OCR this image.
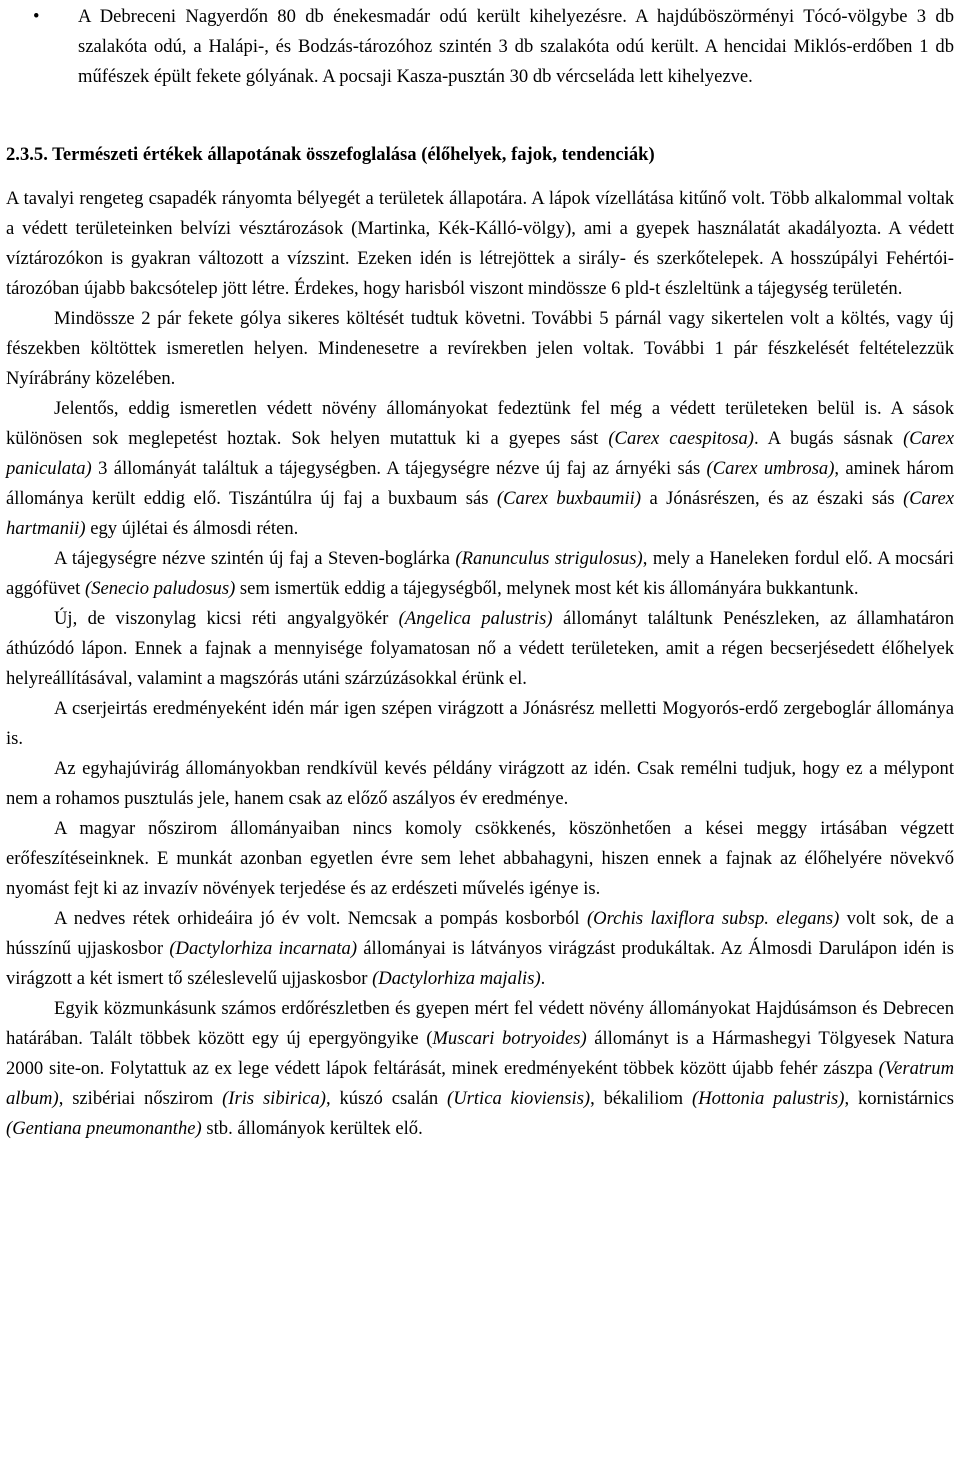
• A Debreceni Nagyerdőn 80 db énekesmadár odú került kihelyezésre. A hajdúböszörményi Tócó-völgybe 3 db szalakóta odú, a Halápi-, és Bodzás-tározóhoz szintén 3 db szalakóta odú került. A hencidai Miklós-erdőben 1 db műfészek épült fekete gólyának. A pocsaji Kasza-pusztán 30 db vércseláda lett kihelyezve.
2.3.5. Természeti értékek állapotának összefoglalása (élőhelyek, fajok, tendenciák)

A tavalyi rengeteg csapadék rányomta bélyegét a területek állapotára. A lápok vízellátása kitűnő volt. Több alkalommal voltak a védett területeinken belvízi vésztározások (Martinka, Kék-Kálló-völgy), ami a gyepek használatát akadályozta. A védett víztározókon is gyakran változott a vízszint. Ezeken idén is létrejöttek a sirály- és szerkőtelepek. A hosszúpályi Fehértói-tározóban újabb bakcsótelep jött létre. Érdekes, hogy harisból viszont mindössze 6 pld-t észleltünk a tájegység területén.

Mindössze 2 pár fekete gólya sikeres költését tudtuk követni. További 5 párnál vagy sikertelen volt a költés, vagy új fészekben költöttek ismeretlen helyen. Mindenesetre a revírekben jelen voltak. További 1 pár fészkelését feltételezzük Nyírábrány közelében.

Jelentős, eddig ismeretlen védett növény állományokat fedeztünk fel még a védett területeken belül is. A sások különösen sok meglepetést hoztak. Sok helyen mutattuk ki a gyepes sást (Carex caespitosa). A bugás sásnak (Carex paniculata) 3 állományát találtuk a tájegységben. A tájegységre nézve új faj az árnyéki sás (Carex umbrosa), aminek három állománya került eddig elő. Tiszántúlra új faj a buxbaum sás (Carex buxbaumii) a Jónásrészen, és az északi sás (Carex hartmanii) egy újlétai és álmosdi réten.

A tájegységre nézve szintén új faj a Steven-boglárka (Ranunculus strigulosus), mely a Haneleken fordul elő. A mocsári aggófüvet (Senecio paludosus) sem ismertük eddig a tájegységből, melynek most két kis állományára bukkantunk.

Új, de viszonylag kicsi réti angyalgyökér (Angelica palustris) állományt találtunk Penészleken, az államhatáron áthúzódó lápon. Ennek a fajnak a mennyisége folyamatosan nő a védett területeken, amit a régen becserjésedett élőhelyek helyreállításával, valamint a magszórás utáni szárzúzásokkal érünk el.

A cserjeirtás eredményeként idén már igen szépen virágzott a Jónásrész melletti Mogyorós-erdő zergeboglár állománya is.

Az egyhajúvirág állományokban rendkívül kevés példány virágzott az idén. Csak remélni tudjuk, hogy ez a mélypont nem a rohamos pusztulás jele, hanem csak az előző aszályos év eredménye.

A magyar nőszirom állományaiban nincs komoly csökkenés, köszönhetően a kései meggy irtásában végzett erőfeszítéseinknek. E munkát azonban egyetlen évre sem lehet abbahagyni, hiszen ennek a fajnak az élőhelyére növekvő nyomást fejt ki az invazív növények terjedése és az erdészeti művelés igénye is.

A nedves rétek orhideáira jó év volt. Nemcsak a pompás kosborból (Orchis laxiflora subsp. elegans) volt sok, de a hússzínű ujjaskosbor (Dactylorhiza incarnata) állományai is látványos virágzást produkáltak. Az Álmosdi Darulápon idén is virágzott a két ismert tő széleslevelű ujjaskosbor (Dactylorhiza majalis).

Egyik közmunkásunk számos erdőrészletben és gyepen mért fel védett növény állományokat Hajdúsámson és Debrecen határában. Talált többek között egy új epergyöngyike (Muscari botryoides) állományt is a Hármashegyi Tölgyesek Natura 2000 site-on. Folytattuk az ex lege védett lápok feltárását, minek eredményeként többek között újabb fehér zászpa (Veratrum album), szibériai nőszirom (Iris sibirica), kúszó csalán (Urtica kioviensis), békaliliom (Hottonia palustris), kornistárnics (Gentiana pneumonanthe) stb. állományok kerültek elő.
